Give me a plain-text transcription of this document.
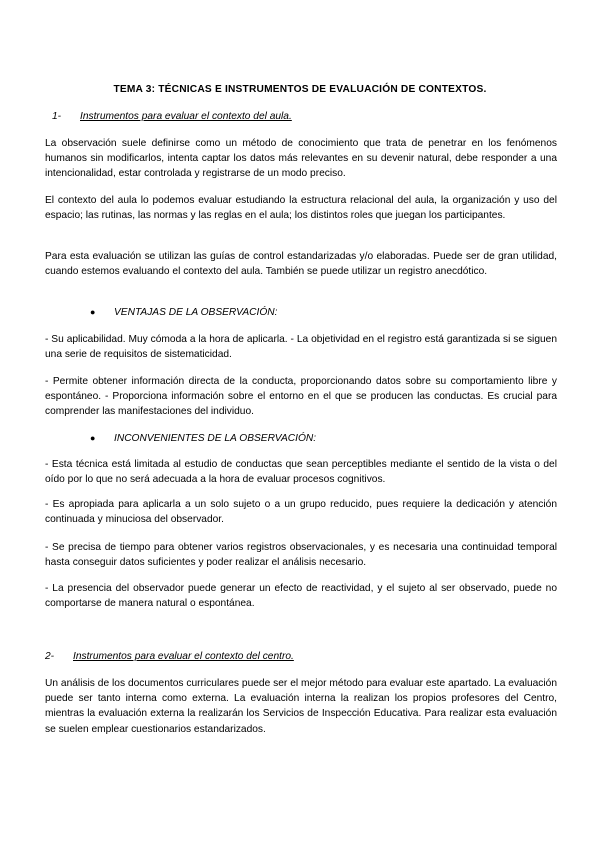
TEMA 3: TÉCNICAS E INSTRUMENTOS DE EVALUACIÓN DE CONTEXTOS.

1- Instrumentos para evaluar el contexto del aula.

La observación suele definirse como un método de conocimiento que trata de penetrar en los fenómenos humanos sin modificarlos, intenta captar los datos más relevantes en su devenir natural, debe responder a una intencionalidad, estar controlada y registrarse de un modo preciso.

El contexto del aula lo podemos evaluar estudiando la estructura relacional del aula, la organización y uso del espacio; las rutinas, las normas y las reglas en el aula; los distintos roles que juegan los participantes.

Para esta evaluación se utilizan las guías de control estandarizadas y/o elaboradas. Puede ser de gran utilidad, cuando estemos evaluando el contexto del aula. También se puede utilizar un registro anecdótico.

● VENTAJAS DE LA OBSERVACIÓN:

- Su aplicabilidad. Muy cómoda a la hora de aplicarla. - La objetividad en el registro está garantizada si se siguen una serie de requisitos de sistematicidad.

- Permite obtener información directa de la conducta, proporcionando datos sobre su comportamiento libre y espontáneo. - Proporciona información sobre el entorno en el que se producen las conductas. Es crucial para comprender las manifestaciones del individuo.

● INCONVENIENTES DE LA OBSERVACIÓN:

- Esta técnica está limitada al estudio de conductas que sean perceptibles mediante el sentido de la vista o del oído por lo que no será adecuada a la hora de evaluar procesos cognitivos.

- Es apropiada para aplicarla a un solo sujeto o a un grupo reducido, pues requiere la dedicación y atención continuada y minuciosa del observador.

- Se precisa de tiempo para obtener varios registros observacionales, y es necesaria una continuidad temporal hasta conseguir datos suficientes y poder realizar el análisis necesario.

- La presencia del observador puede generar un efecto de reactividad, y el sujeto al ser observado, puede no comportarse de manera natural o espontánea.

2- Instrumentos para evaluar el contexto del centro.

Un análisis de los documentos curriculares puede ser el mejor método para evaluar este apartado. La evaluación puede ser tanto interna como externa. La evaluación interna la realizan los propios profesores del Centro, mientras la evaluación externa la realizarán los Servicios de Inspección Educativa. Para realizar esta evaluación se suelen emplear cuestionarios estandarizados.
